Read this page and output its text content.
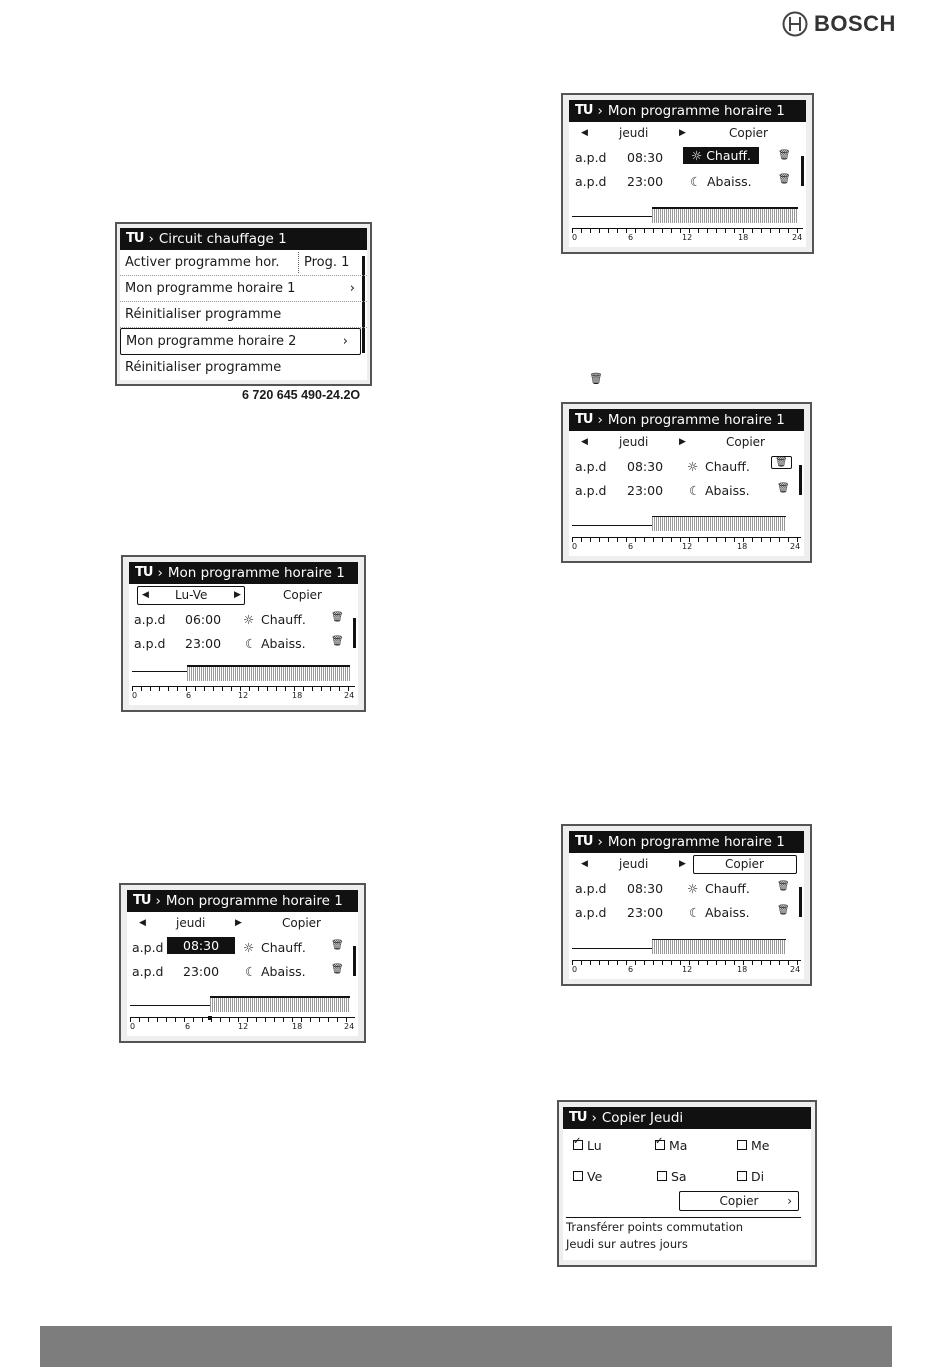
BOSCH
TU › Circuit chauffage 1
Activer programme hor.	Prog. 1
Mon programme horaire 1	›
Réinitialiser programme
Mon programme horaire 2	›
Réinitialiser programme
6 720 645 490-24.2O
TU › Mon programme horaire 1
◀ Lu-Ve	▶	Copier
a.p.d 06:00 ☼ Chauff.	🗑
a.p.d 23:00 ☾ Abaiss.	🗑
0	6	12	18	24
TU › Mon programme horaire 1
◀	jeudi	▶	Copier
a.p.d	08:30	☼ Chauff.	🗑
a.p.d 23:00 ☾ Abaiss.	🗑
0	6	12	18	24
TU › Mon programme horaire 1
◀	jeudi	▶	Copier
a.p.d 08:30	☼ Chauff.	🗑
a.p.d 23:00 ☾ Abaiss.	🗑
0	6	12	18	24
🗑
TU › Mon programme horaire 1
◀	jeudi	▶	Copier
a.p.d 08:30 ☼ Chauff.	🗑
a.p.d 23:00 ☾ Abaiss.	🗑
0	6	12	18	24
TU › Mon programme horaire 1
◀	jeudi	▶	Copier
a.p.d 08:30 ☼ Chauff.	🗑
a.p.d 23:00 ☾ Abaiss.	🗑
0	6	12	18	24
TU › Copier Jeudi
✓Lu
✓	Ma	Me
Ve	Sa	Di
Copier ›
Transférer points commutation
Jeudi sur autres jours
